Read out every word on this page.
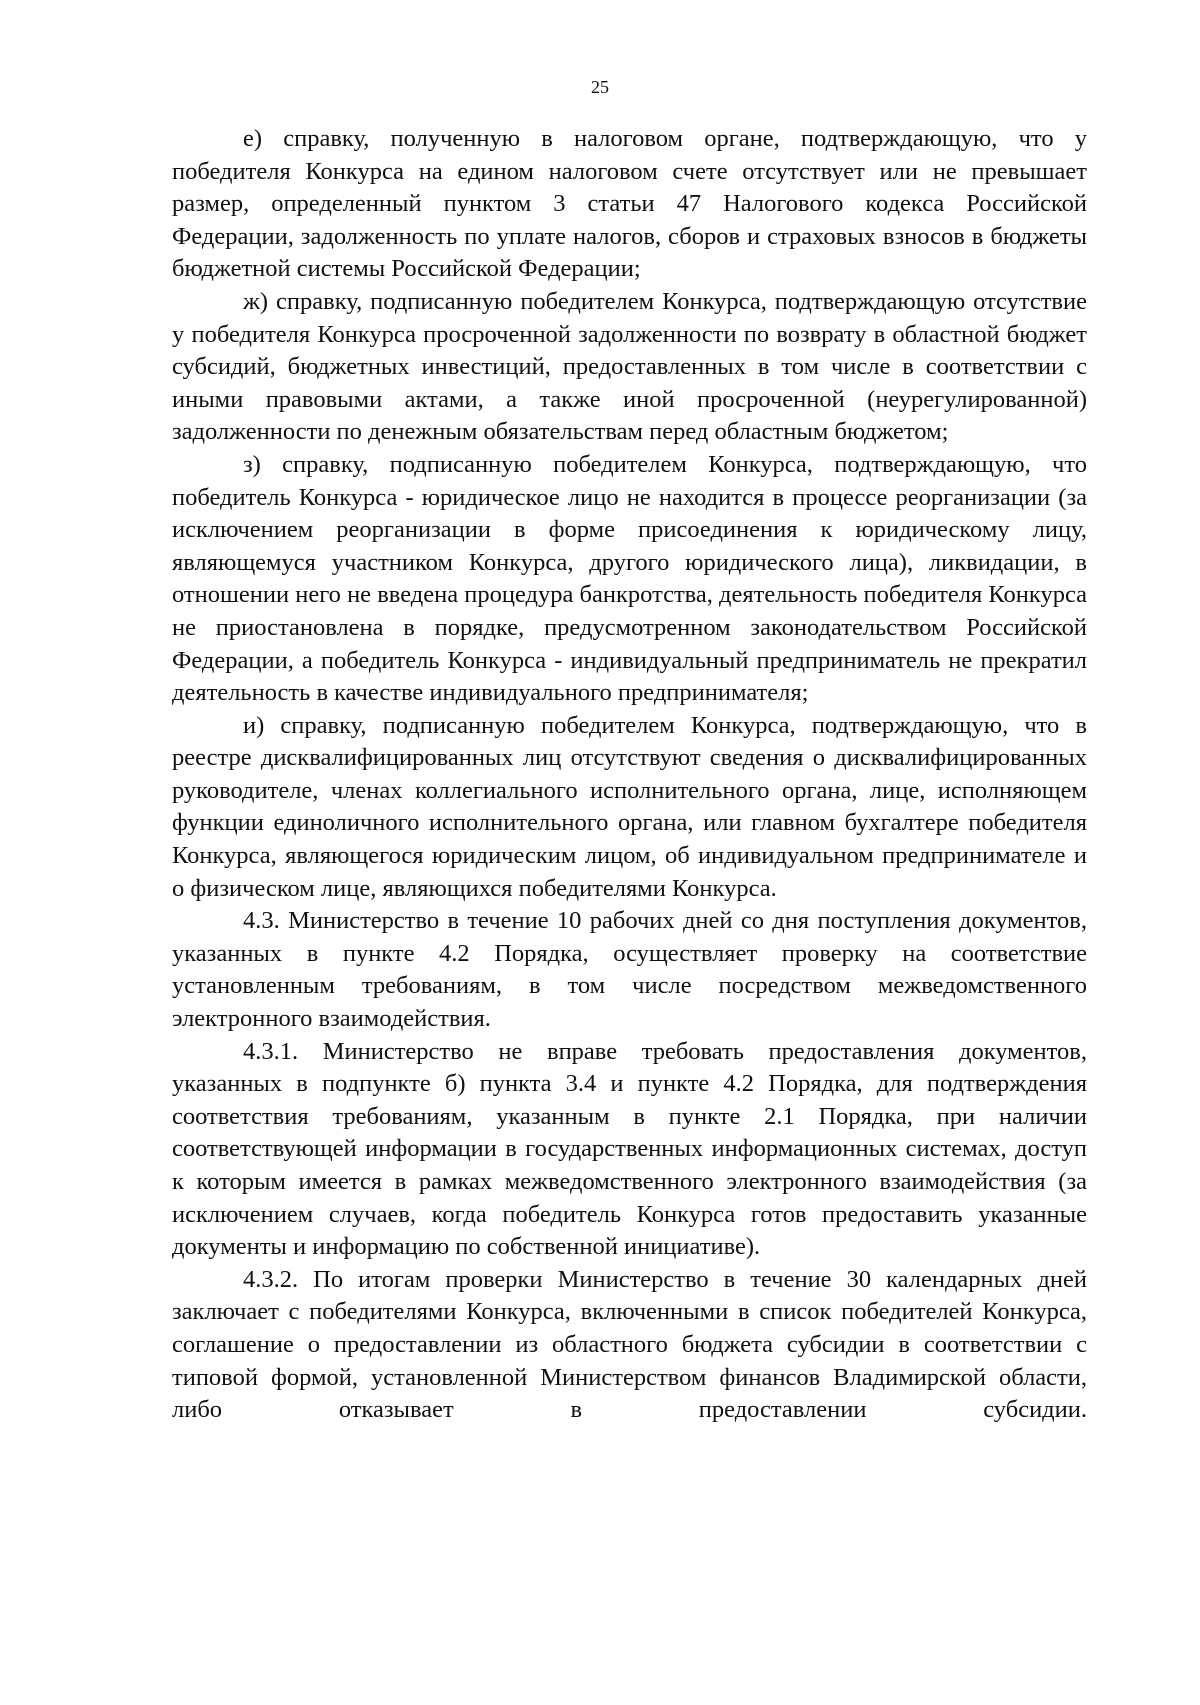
25

е) справку, полученную в налоговом органе, подтверждающую, что у победителя Конкурса на едином налоговом счете отсутствует или не превышает размер, определенный пунктом 3 статьи 47 Налогового кодекса Российской Федерации, задолженность по уплате налогов, сборов и страховых взносов в бюджеты бюджетной системы Российской Федерации;

ж) справку, подписанную победителем Конкурса, подтверждающую отсутствие у победителя Конкурса просроченной задолженности по возврату в областной бюджет субсидий, бюджетных инвестиций, предоставленных в том числе в соответствии с иными правовыми актами, а также иной просроченной (неурегулированной) задолженности по денежным обязательствам перед областным бюджетом;

з) справку, подписанную победителем Конкурса, подтверждающую, что победитель Конкурса - юридическое лицо не находится в процессе реорганизации (за исключением реорганизации в форме присоединения к юридическому лицу, являющемуся участником Конкурса, другого юридического лица), ликвидации, в отношении него не введена процедура банкротства, деятельность победителя Конкурса не приостановлена в порядке, предусмотренном законодательством Российской Федерации, а победитель Конкурса - индивидуальный предприниматель не прекратил деятельность в качестве индивидуального предпринимателя;

и) справку, подписанную победителем Конкурса, подтверждающую, что в реестре дисквалифицированных лиц отсутствуют сведения о дисквалифицированных руководителе, членах коллегиального исполнительного органа, лице, исполняющем функции единоличного исполнительного органа, или главном бухгалтере победителя Конкурса, являющегося юридическим лицом, об индивидуальном предпринимателе и о физическом лице, являющихся победителями Конкурса.

4.3. Министерство в течение 10 рабочих дней со дня поступления документов, указанных в пункте 4.2 Порядка, осуществляет проверку на соответствие установленным требованиям, в том числе посредством межведомственного электронного взаимодействия.

4.3.1. Министерство не вправе требовать предоставления документов, указанных в подпункте б) пункта 3.4 и пункте 4.2 Порядка, для подтверждения соответствия требованиям, указанным в пункте 2.1 Порядка, при наличии соответствующей информации в государственных информационных системах, доступ к которым имеется в рамках межведомственного электронного взаимодействия (за исключением случаев, когда победитель Конкурса готов предоставить указанные документы и информацию по собственной инициативе).

4.3.2. По итогам проверки Министерство в течение 30 календарных дней заключает с победителями Конкурса, включенными в список победителей Конкурса, соглашение о предоставлении из областного бюджета субсидии в соответствии с типовой формой, установленной Министерством финансов Владимирской области, либо отказывает в предоставлении субсидии.
